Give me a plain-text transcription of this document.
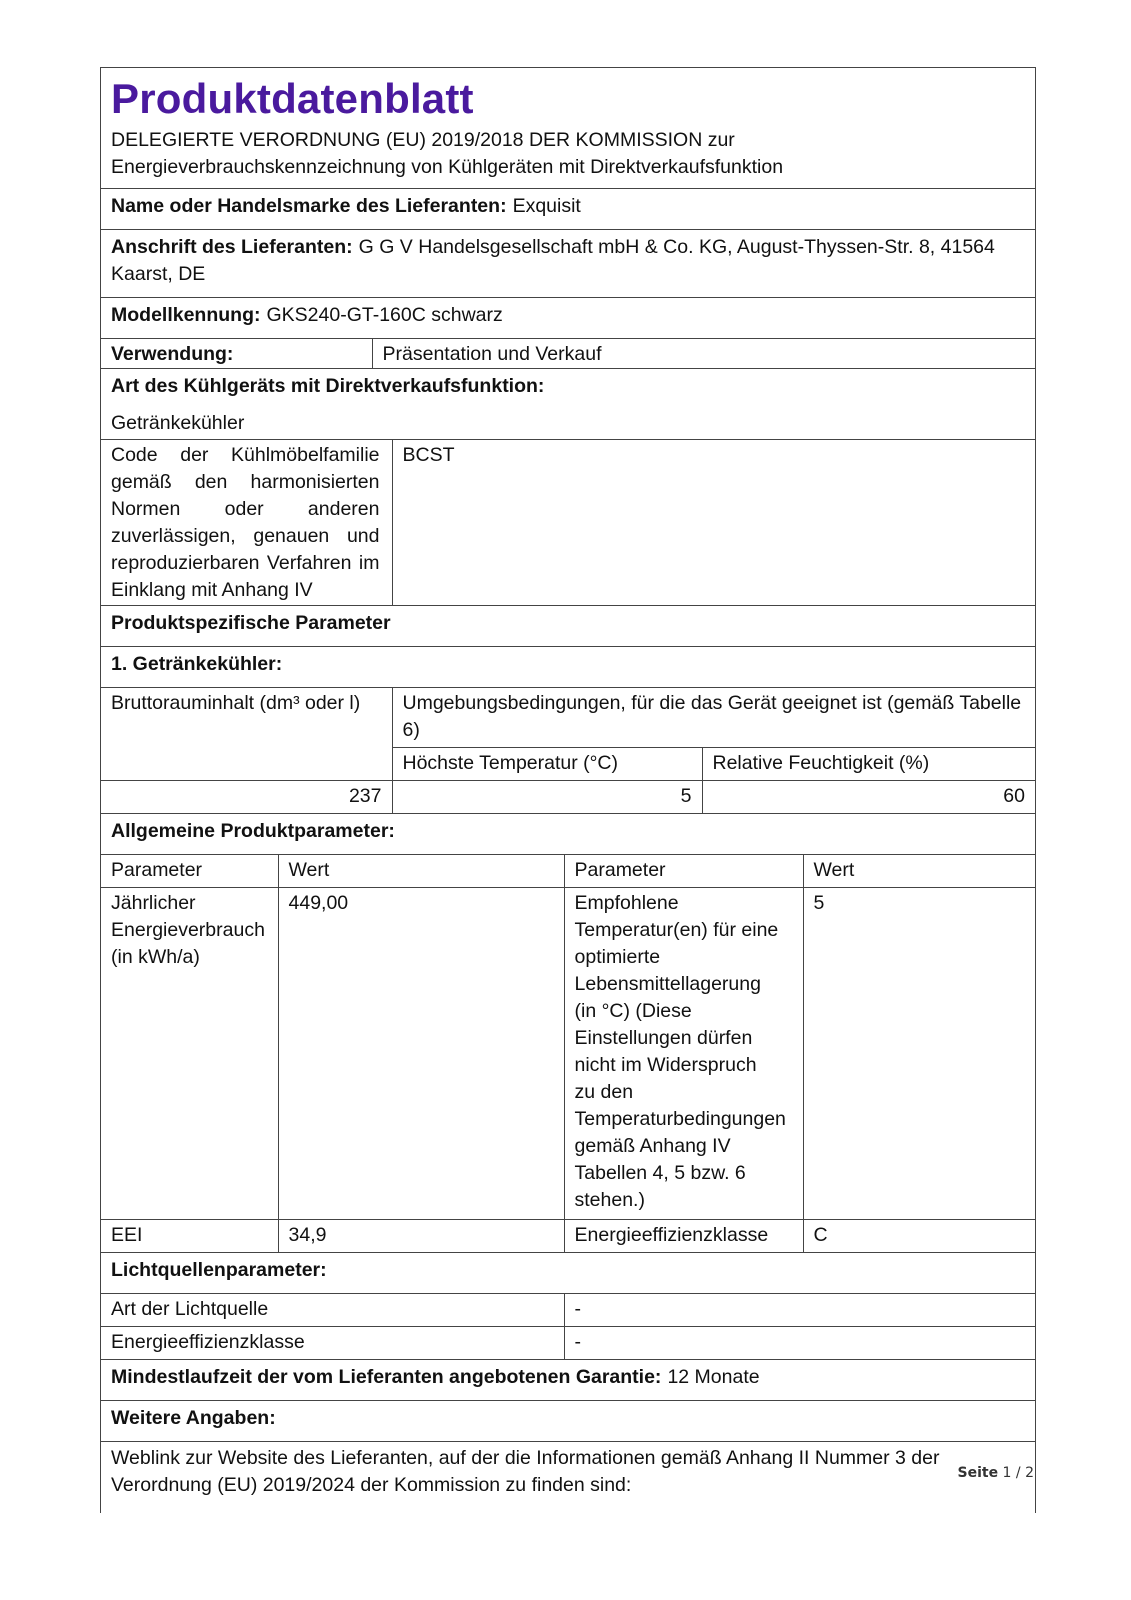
Produktdatenblatt
DELEGIERTE VERORDNUNG (EU) 2019/2018 DER KOMMISSION zur
Energieverbrauchskennzeichnung von Kühlgeräten mit Direktverkaufsfunktion
Name oder Handelsmarke des Lieferanten: Exquisit
Anschrift des Lieferanten: G G V Handelsgesellschaft mbH & Co. KG, August-Thyssen-Str. 8, 41564 Kaarst, DE
Modellkennung: GKS240-GT-160C schwarz
Verwendung:	Präsentation und Verkauf
Art des Kühlgeräts mit Direktverkaufsfunktion:
Getränkekühler
Code der Kühlmöbelfamilie gemäß den harmonisierten Normen oder anderen zuverlässigen, genauen und reproduzierbaren Verfahren im Einklang mit Anhang IV	BCST
Produktspezifische Parameter
1. Getränkekühler:
Bruttorauminhalt (dm³ oder l)	Umgebungsbedingungen, für die das Gerät geeignet ist (gemäß Tabelle 6)	
	Höchste Temperatur (°C)	Relative Feuchtigkeit (%)
237	5	60
Allgemeine Produktparameter:
Parameter	Wert	Parameter	Wert
Jährlicher Energieverbrauch (in kWh/a)	449,00	Empfohlene Temperatur(en) für eine optimierte Lebensmittellagerung (in °C) (Diese Einstellungen dürfen nicht im Widerspruch zu den Temperaturbedingungen gemäß Anhang IV Tabellen 4, 5 bzw. 6 stehen.)	5
EEI	34,9	Energieeffizienzklasse	C
Lichtquellenparameter:
Art der Lichtquelle	-
Energieeffizienzklasse	-
Mindestlaufzeit der vom Lieferanten angebotenen Garantie: 12 Monate
Weitere Angaben:
Weblink zur Website des Lieferanten, auf der die Informationen gemäß Anhang II Nummer 3 der Verordnung (EU) 2019/2024 der Kommission zu finden sind:
Seite 1 / 2
